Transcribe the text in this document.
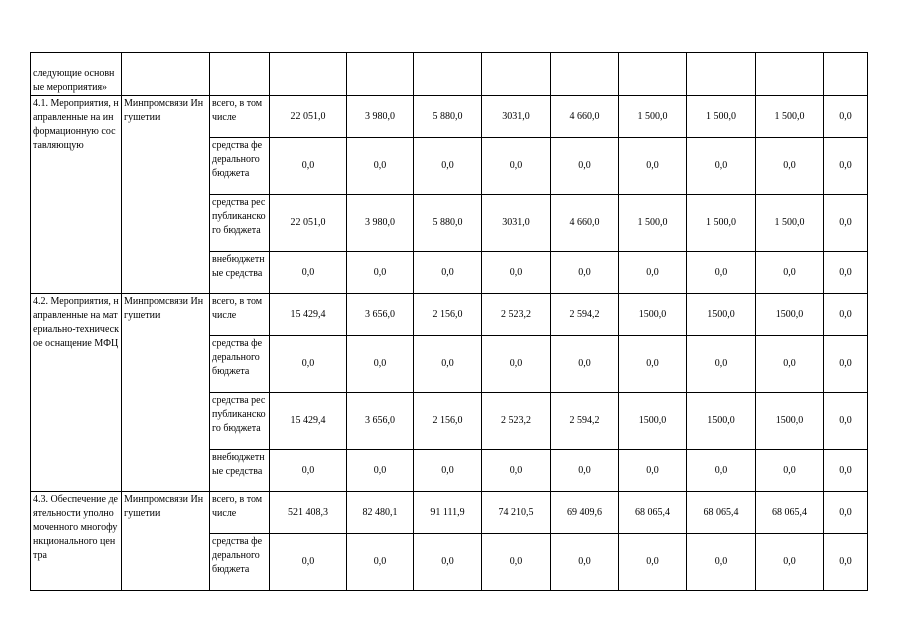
следующие основные мероприятия»											
4.1. Мероприятия, направленные на информационную составляющую	Минпромсвязи Ингушетии	всего, в том числе	22 051,0	3 980,0	5 880,0	3031,0	4 660,0	1 500,0	1 500,0	1 500,0	0,0
		средства федерального бюджета	0,0	0,0	0,0	0,0	0,0	0,0	0,0	0,0	0,0
		средства республиканского бюджета	22 051,0	3 980,0	5 880,0	3031,0	4 660,0	1 500,0	1 500,0	1 500,0	0,0
		внебюджетные средства	0,0	0,0	0,0	0,0	0,0	0,0	0,0	0,0	0,0
4.2. Мероприятия, направленные на материально-техническое оснащение МФЦ	Минпромсвязи Ингушетии	всего, в том числе	15 429,4	3 656,0	2 156,0	2 523,2	2 594,2	1500,0	1500,0	1500,0	0,0
		средства федерального бюджета	0,0	0,0	0,0	0,0	0,0	0,0	0,0	0,0	0,0
		средства республиканского бюджета	15 429,4	3 656,0	2 156,0	2 523,2	2 594,2	1500,0	1500,0	1500,0	0,0
		внебюджетные средства	0,0	0,0	0,0	0,0	0,0	0,0	0,0	0,0	0,0
4.3. Обеспечение деятельности уполномоченного многофункционального центра	Минпромсвязи Ингушетии	всего, в том числе	521 408,3	82 480,1	91 111,9	74 210,5	69 409,6	68 065,4	68 065,4	68 065,4	0,0
		средства федерального бюджета	0,0	0,0	0,0	0,0	0,0	0,0	0,0	0,0	0,0
